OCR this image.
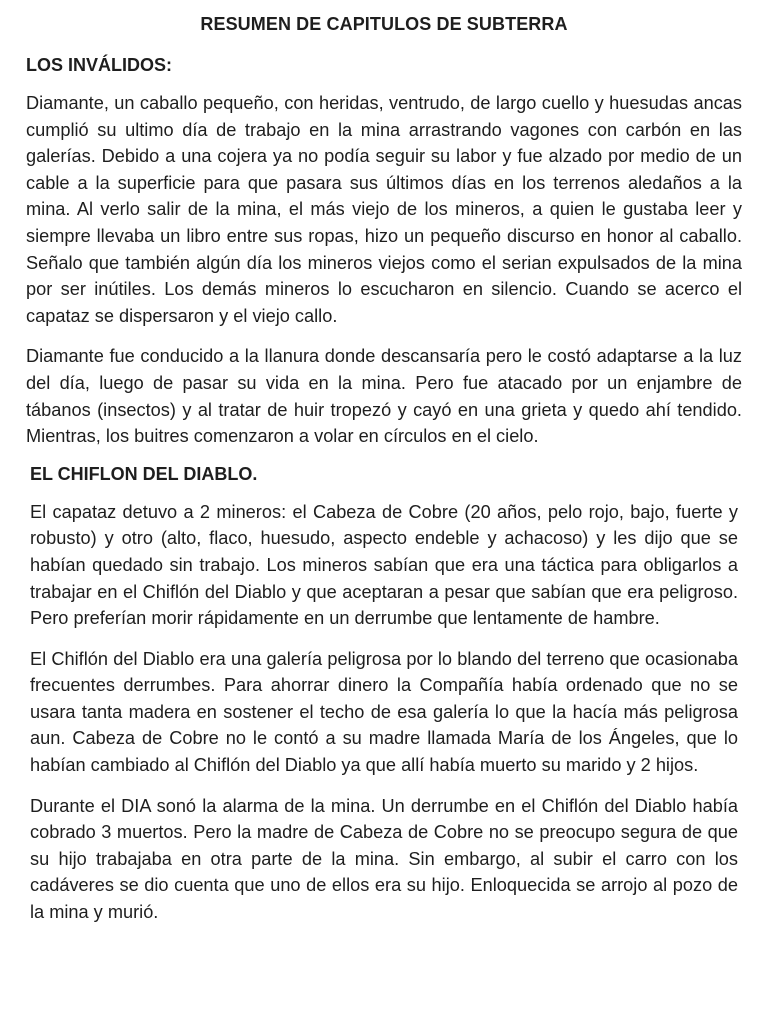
RESUMEN DE CAPITULOS DE SUBTERRA
LOS INVÁLIDOS:

Diamante, un caballo pequeño, con heridas, ventrudo, de largo cuello y huesudas ancas cumplió su ultimo día de trabajo en la mina arrastrando vagones con carbón en las galerías. Debido a una cojera ya no podía seguir su labor y fue alzado por medio de un cable a la superficie para que pasara sus últimos días en los terrenos aledaños a la mina. Al verlo salir de la mina, el más viejo de los mineros, a quien le gustaba leer y siempre llevaba un libro entre sus ropas, hizo un pequeño discurso en honor al caballo. Señalo que también algún día los mineros viejos como el serian expulsados de la mina por ser inútiles. Los demás mineros lo escucharon en silencio. Cuando se acerco el capataz se dispersaron y el viejo callo.

Diamante fue conducido a la llanura donde descansaría pero le costó adaptarse a la luz del día, luego de pasar su vida en la mina. Pero fue atacado por un enjambre de tábanos (insectos) y al tratar de huir tropezó y cayó en una grieta y quedo ahí tendido. Mientras, los buitres comenzaron a volar en círculos en el cielo.

EL CHIFLON DEL DIABLO.

El capataz detuvo a 2 mineros: el Cabeza de Cobre (20 años, pelo rojo, bajo, fuerte y robusto) y otro (alto, flaco, huesudo, aspecto endeble y achacoso) y les dijo que se habían quedado sin trabajo. Los mineros sabían que era una táctica para obligarlos a trabajar en el Chiflón del Diablo y que aceptaran a pesar que sabían que era peligroso. Pero preferían morir rápidamente en un derrumbe que lentamente de hambre.

El Chiflón del Diablo era una galería peligrosa por lo blando del terreno que ocasionaba frecuentes derrumbes. Para ahorrar dinero la Compañía había ordenado que no se usara tanta madera en sostener el techo de esa galería lo que la hacía más peligrosa aun. Cabeza de Cobre no le contó a su madre llamada María de los Ángeles, que lo habían cambiado al Chiflón del Diablo ya que allí había muerto su marido y 2 hijos.

Durante el DIA sonó la alarma de la mina. Un derrumbe en el Chiflón del Diablo había cobrado 3 muertos. Pero la madre de Cabeza de Cobre no se preocupo segura de que su hijo trabajaba en otra parte de la mina. Sin embargo, al subir el carro con los cadáveres se dio cuenta que uno de ellos era su hijo. Enloquecida se arrojo al pozo de la mina y murió.
